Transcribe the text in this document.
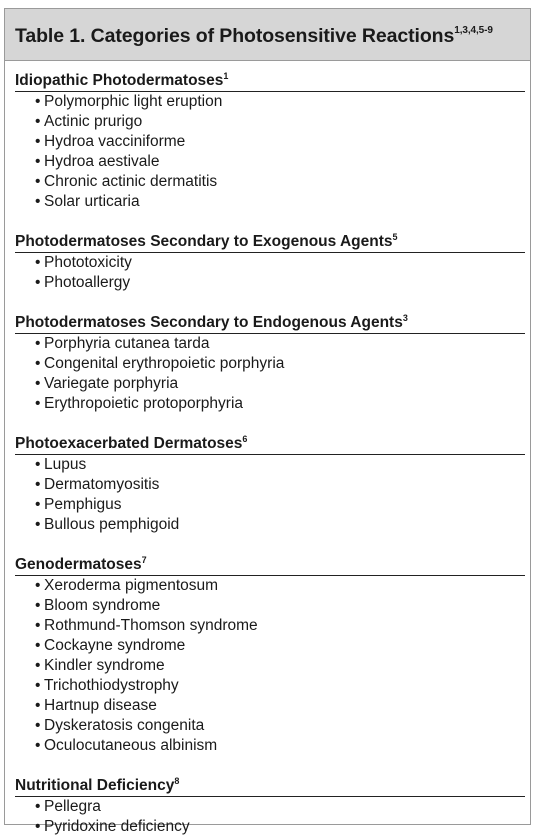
Table 1. Categories of Photosensitive Reactions$^{1,3,4,5-9}$
Idiopathic Photodermatoses$^1$
• Polymorphic light eruption
• Actinic prurigo
• Hydroa vacciniforme
• Hydroa aestivale
• Chronic actinic dermatitis
• Solar urticaria
Photodermatoses Secondary to Exogenous Agents$^5$
• Phototoxicity
• Photoallergy
Photodermatoses Secondary to Endogenous Agents$^3$
• Porphyria cutanea tarda
• Congenital erythropoietic porphyria
• Variegate porphyria
• Erythropoietic protoporphyria
Photoexacerbated Dermatoses$^6$
• Lupus
• Dermatomyositis
• Pemphigus
• Bullous pemphigoid
Genodermatoses$^7$
• Xeroderma pigmentosum
• Bloom syndrome
• Rothmund-Thomson syndrome
• Cockayne syndrome
• Kindler syndrome
• Trichothiodystrophy
• Hartnup disease
• Dyskeratosis congenita
• Oculocutaneous albinism
Nutritional Deficiency$^8$
• Pellegra
• Pyridoxine deficiency
